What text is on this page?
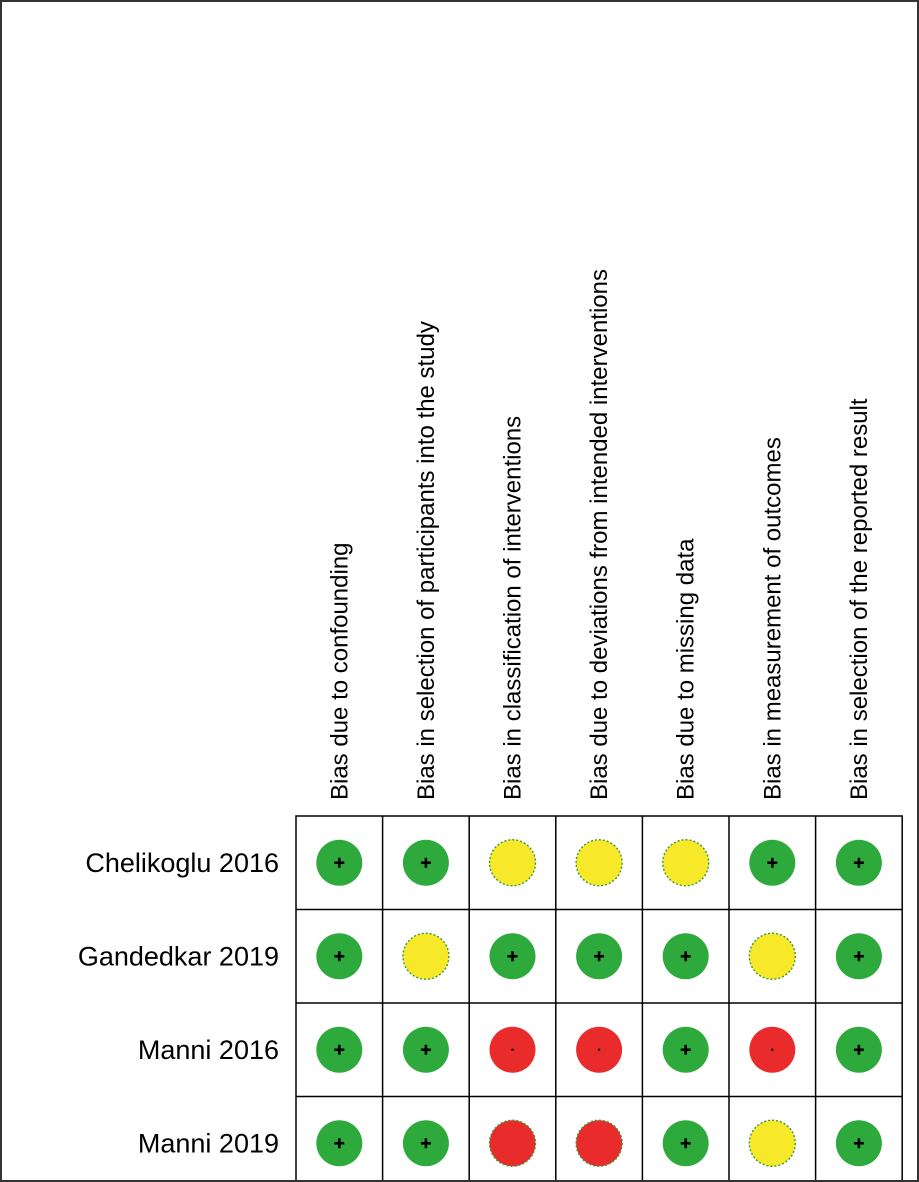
Bias due to confounding Bias in selection of participants into the study Bias in classification of interventions Bias due to deviations from intended interventions Bias due to missing data Bias in measurement of outcomes Bias in selection of the reported result
Chelikoglu 2016
Gandedkar 2019
Manni 2016
Manni 2019
